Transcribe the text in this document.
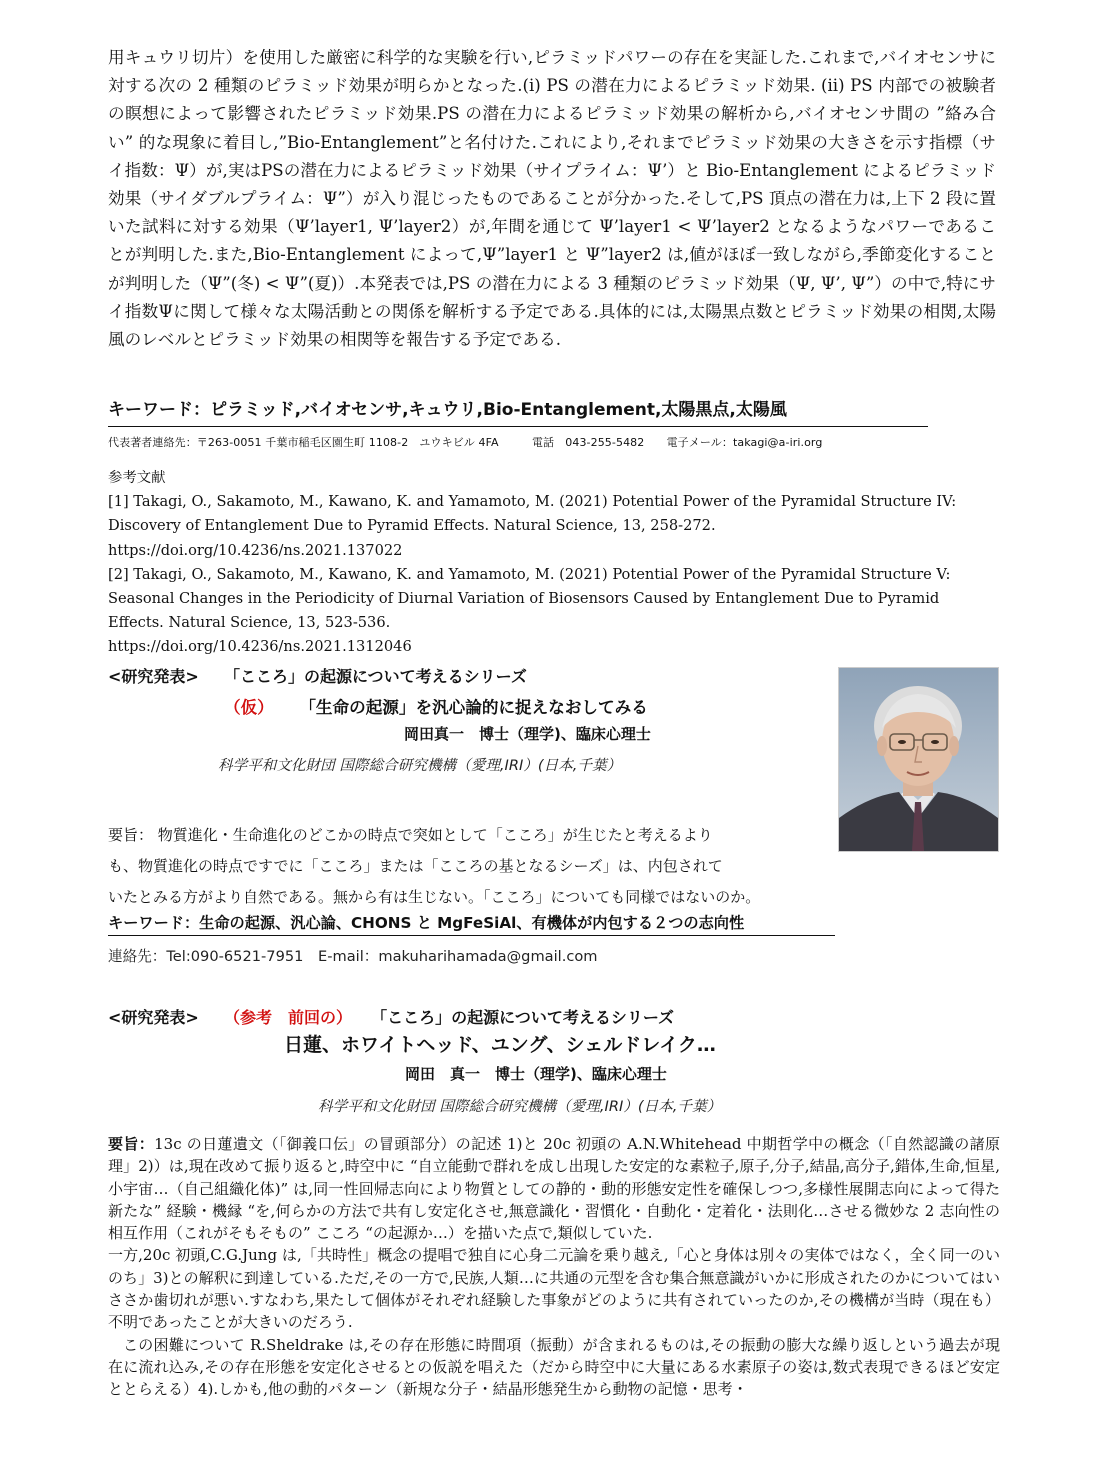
用キュウリ切片）を使用した厳密に科学的な実験を行い,ピラミッドパワーの存在を実証した.これまで,バイオセンサに対する次の 2 種類のピラミッド効果が明らかとなった.(i) PS の潜在力によるピラミッド効果. (ii) PS 内部での被験者の瞑想によって影響されたピラミッド効果.PS の潜在力によるピラミッド効果の解析から,バイオセンサ間の ”絡み合い” 的な現象に着目し,”Bio-Entanglement”と名付けた.これにより,それまでピラミッド効果の大きさを示す指標（サイ指数：Ψ）が,実はPSの潜在力によるピラミッド効果（サイプライム：Ψ’）と Bio-Entanglement によるピラミッド効果（サイダブルプライム：Ψ”）が入り混じったものであることが分かった.そして,PS 頂点の潜在力は,上下 2 段に置いた試料に対する効果（Ψ’layer1, Ψ’layer2）が,年間を通じて Ψ’layer1 < Ψ’layer2 となるようなパワーであることが判明した.また,Bio-Entanglement によって,Ψ”layer1 と Ψ”layer2 は,値がほぼ一致しながら,季節変化することが判明した（Ψ”(冬) < Ψ”(夏)）.本発表では,PS の潜在力による 3 種類のピラミッド効果（Ψ, Ψ’, Ψ”）の中で,特にサイ指数Ψに関して様々な太陽活動との関係を解析する予定である.具体的には,太陽黒点数とピラミッド効果の相関,太陽風のレベルとピラミッド効果の相関等を報告する予定である.

キーワード：ピラミッド,バイオセンサ,キュウリ,Bio-Entanglement,太陽黒点,太陽風
代表著者連絡先：〒263-0051 千葉市稲毛区園生町 1108-2　ユウキビル 4FA　　　電話　043-255-5482　　電子メール：takagi@a-iri.org
参考文献
[1] Takagi, O., Sakamoto, M., Kawano, K. and Yamamoto, M. (2021) Potential Power of the Pyramidal Structure IV:
Discovery of Entanglement Due to Pyramid Effects. Natural Science, 13, 258-272.
https://doi.org/10.4236/ns.2021.137022
[2] Takagi, O., Sakamoto, M., Kawano, K. and Yamamoto, M. (2021) Potential Power of the Pyramidal Structure V:
Seasonal Changes in the Periodicity of Diurnal Variation of Biosensors Caused by Entanglement Due to Pyramid
Effects. Natural Science, 13, 523-536.
https://doi.org/10.4236/ns.2021.1312046
<研究発表> 「こころ」の起源について考えるシリーズ
（仮） 「生命の起源」を汎心論的に捉えなおしてみる
岡田真一　博士（理学)、臨床心理士
科学平和文化財団 国際総合研究機構（愛理,IRI）(日本,千葉）
要旨： 物質進化・生命進化のどこかの時点で突如として「こころ」が生じたと考えるより
も、物質進化の時点ですでに「こころ」または「こころの基となるシーズ」は、内包されて
いたとみる方がより自然である。無から有は生じない。「こころ」についても同様ではないのか。
キーワード：生命の起源、汎心論、CHONS と MgFeSiAl、有機体が内包する２つの志向性
連絡先：Tel:090-6521-7951　E-mail：makuharihamada@gmail.com
<研究発表> （参考　前回の） 「こころ」の起源について考えるシリーズ
日蓮、ホワイトヘッド、ユング、シェルドレイク…
岡田　真一　博士（理学)、臨床心理士
科学平和文化財団 国際総合研究機構（愛理,IRI）(日本,千葉）

要旨：13c の日蓮遺文（「御義口伝」の冒頭部分）の記述 1)と 20c 初頭の A.N.Whitehead 中期哲学中の概念（「自然認識の諸原理」2)）は,現在改めて振り返ると,時空中に “自立能動で群れを成し出現した安定的な素粒子,原子,分子,結晶,高分子,錯体,生命,恒星,小宇宙…（自己組織化体)” は,同一性回帰志向により物質としての静的・動的形態安定性を確保しつつ,多様性展開志向によって得た新たな” 経験・機縁 “を,何らかの方法で共有し安定化させ,無意識化・習慣化・自動化・定着化・法則化…させる微妙な 2 志向性の相互作用（これがそもそもの” こころ “の起源か…）を描いた点で,類似していた.

一方,20c 初頭,C.G.Jung は,「共時性」概念の提唱で独自に心身二元論を乗り越え,「心と身体は別々の実体ではなく，全く同一のいのち」3)との解釈に到達している.ただ,その一方で,民族,人類…に共通の元型を含む集合無意識がいかに形成されたのかについてはいささか歯切れが悪い.すなわち,果たして個体がそれぞれ経験した事象がどのように共有されていったのか,その機構が当時（現在も）不明であったことが大きいのだろう.

この困難について R.Sheldrake は,その存在形態に時間項（振動）が含まれるものは,その振動の膨大な繰り返しという過去が現在に流れ込み,その存在形態を安定化させるとの仮説を唱えた（だから時空中に大量にある水素原子の姿は,数式表現できるほど安定ととらえる）4).しかも,他の動的パターン（新規な分子・結晶形態発生から動物の記憶・思考・
